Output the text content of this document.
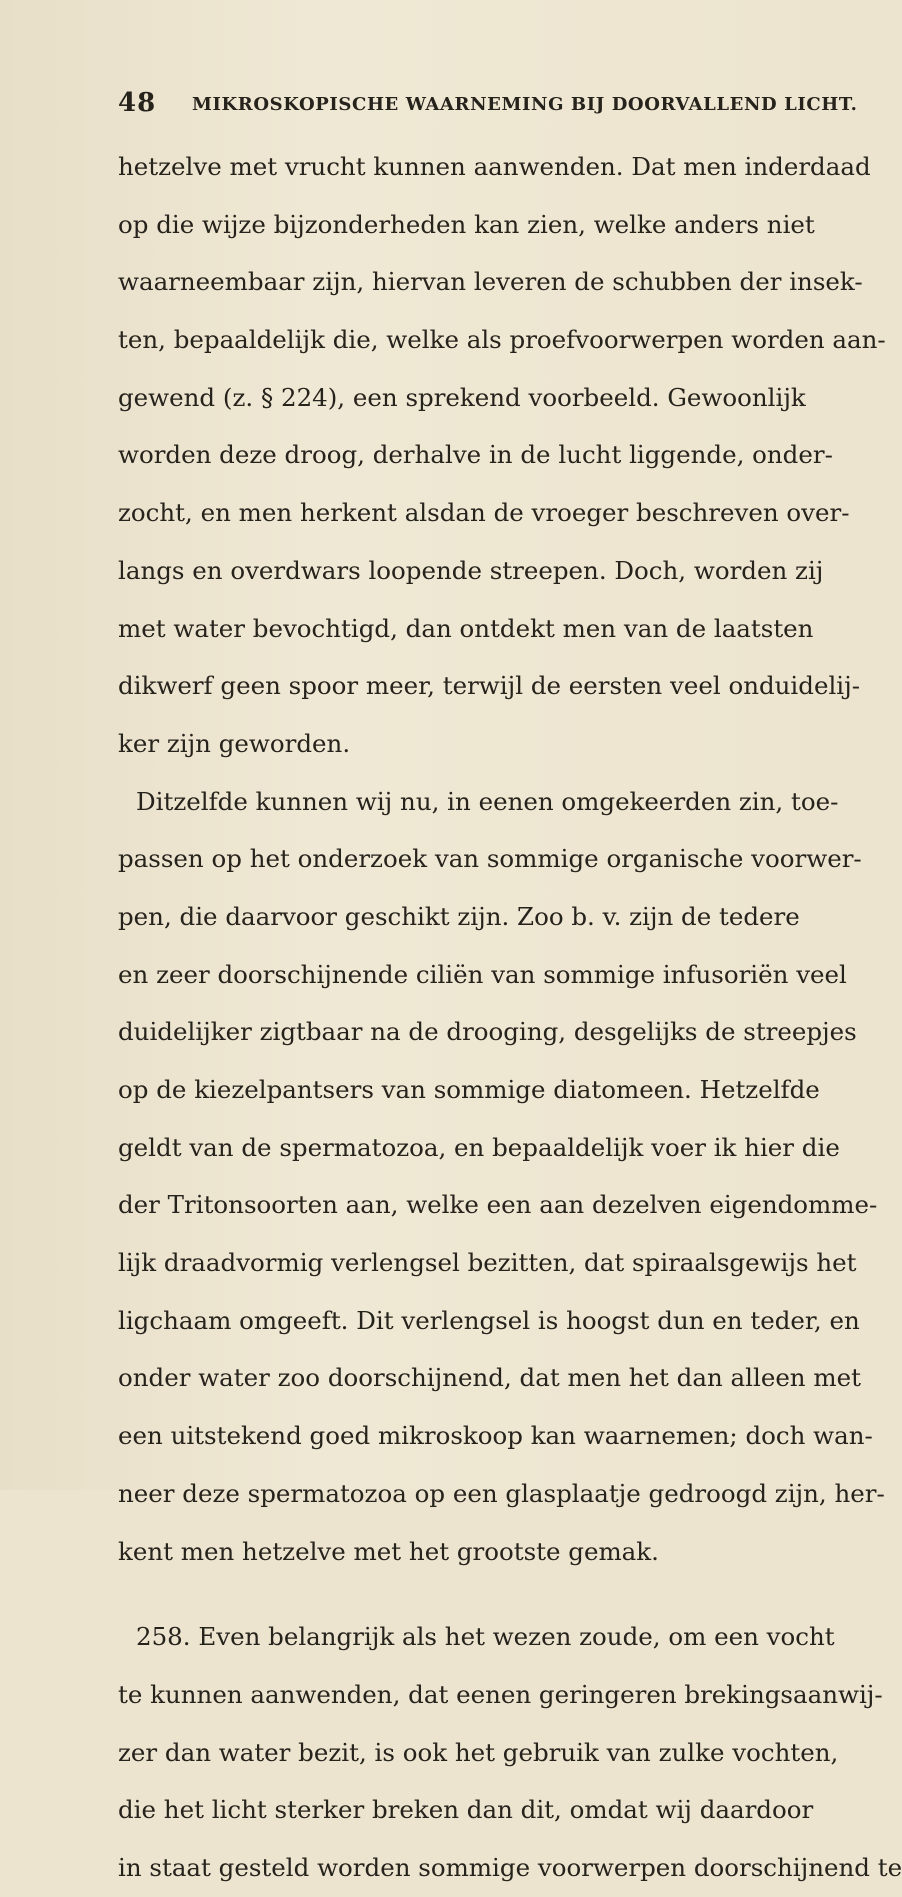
48 MIKROSKOPISCHE WAARNEMING BIJ DOORVALLEND LICHT.
hetzelve met vrucht kunnen aanwenden. Dat men inderdaad
op die wijze bijzonderheden kan zien, welke anders niet
waarneembaar zijn, hiervan leveren de schubben der insek-
ten, bepaaldelijk die, welke als proefvoorwerpen worden aan-
gewend (z. § 224), een sprekend voorbeeld. Gewoonlijk
worden deze droog, derhalve in de lucht liggende, onder-
zocht, en men herkent alsdan de vroeger beschreven over-
langs en overdwars loopende streepen. Doch, worden zij
met water bevochtigd, dan ontdekt men van de laatsten
dikwerf geen spoor meer, terwijl de eersten veel onduidelij-
ker zijn geworden.
Ditzelfde kunnen wij nu, in eenen omgekeerden zin, toe-
passen op het onderzoek van sommige organische voorwer-
pen, die daarvoor geschikt zijn. Zoo b. v. zijn de tedere
en zeer doorschijnende ciliën van sommige infusoriën veel
duidelijker zigtbaar na de drooging, desgelijks de streepjes
op de kiezelpantsers van sommige diatomeen. Hetzelfde
geldt van de spermatozoa, en bepaaldelijk voer ik hier die
der Tritonsoorten aan, welke een aan dezelven eigendomme-
lijk draadvormig verlengsel bezitten, dat spiraalsgewijs het
ligchaam omgeeft. Dit verlengsel is hoogst dun en teder, en
onder water zoo doorschijnend, dat men het dan alleen met
een uitstekend goed mikroskoop kan waarnemen; doch wan-
neer deze spermatozoa op een glasplaatje gedroogd zijn, her-
kent men hetzelve met het grootste gemak.
258. Even belangrijk als het wezen zoude, om een vocht
te kunnen aanwenden, dat eenen geringeren brekingsaanwij-
zer dan water bezit, is ook het gebruik van zulke vochten,
die het licht sterker breken dan dit, omdat wij daardoor
in staat gesteld worden sommige voorwerpen doorschijnend te
